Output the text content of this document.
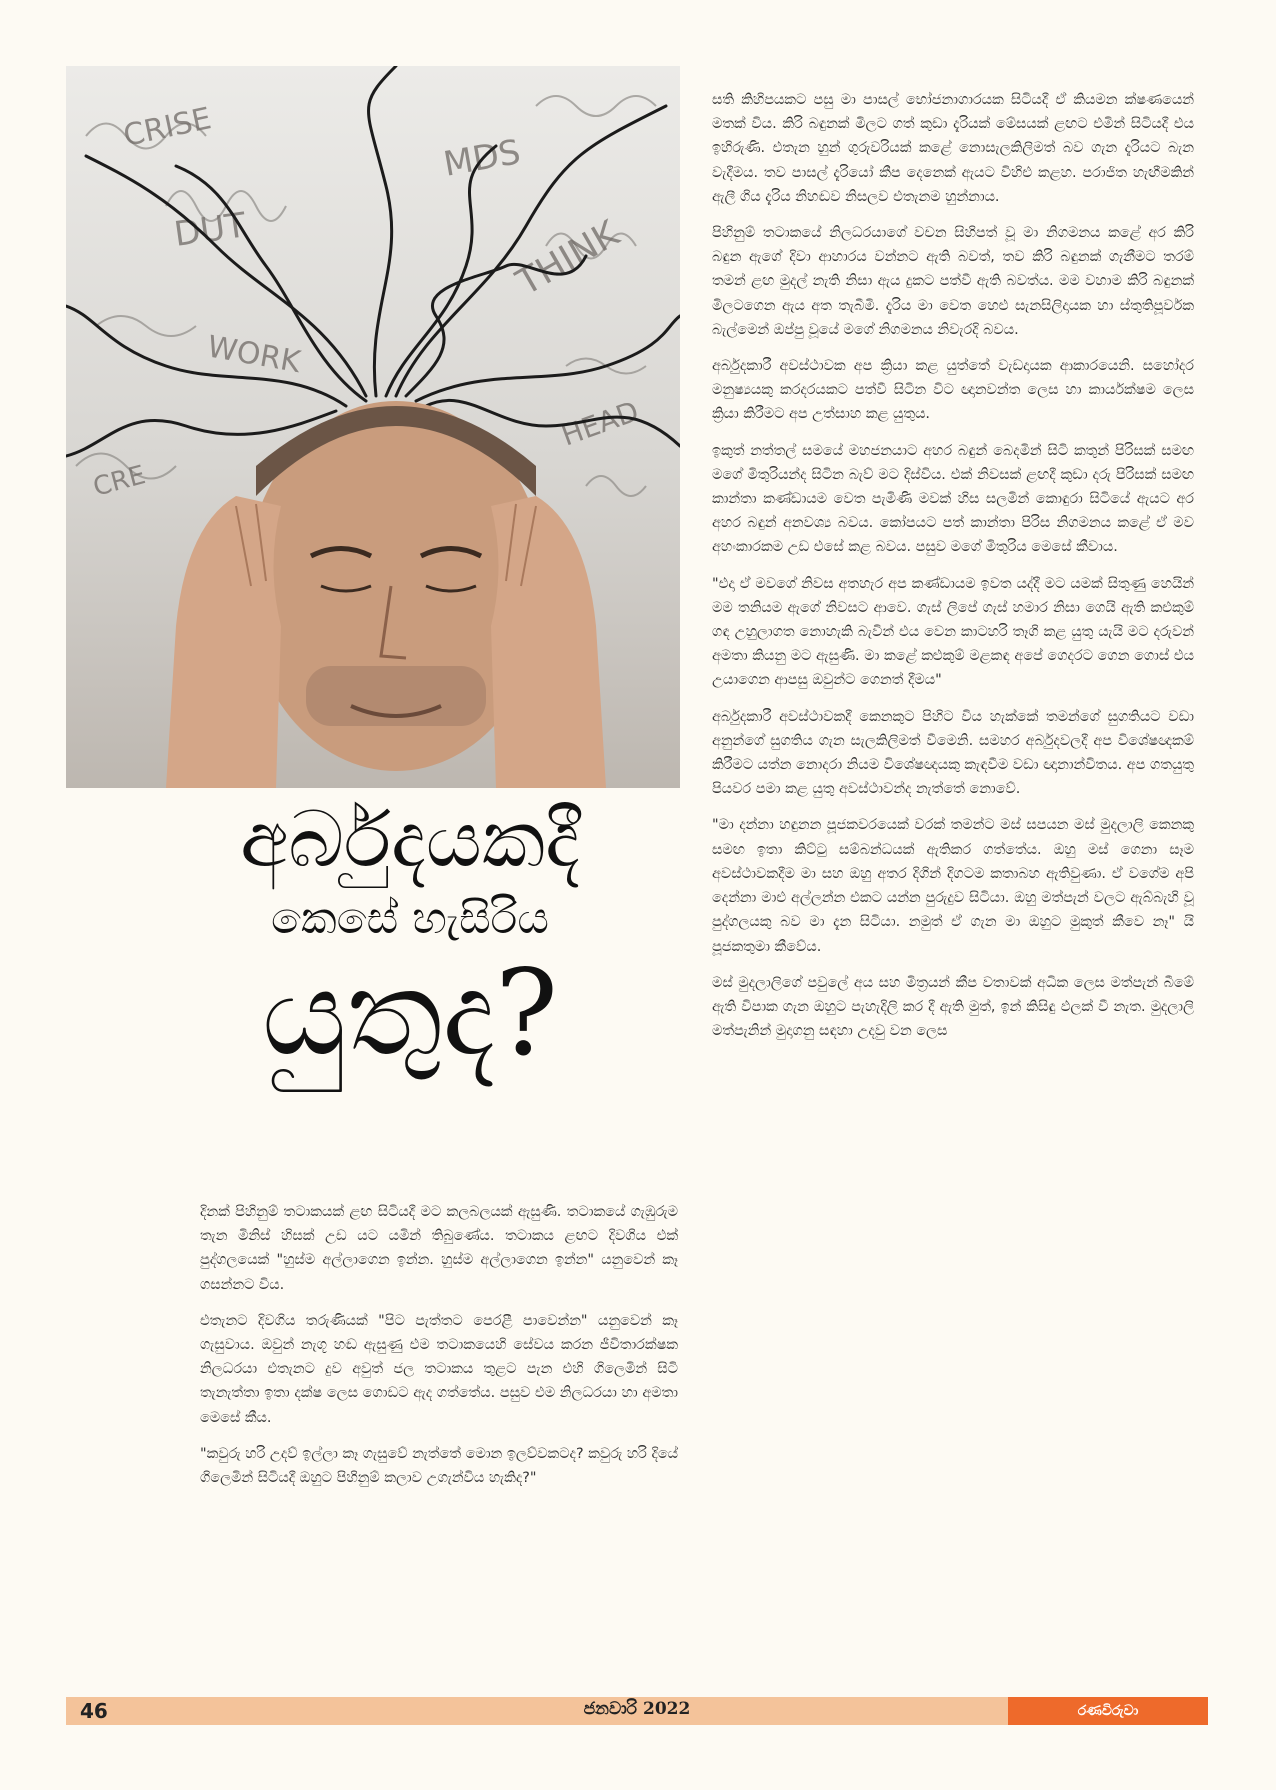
CRISE
DUT
WORK
THINK
MDS
HEAD
CRE
අර්බුදයකදී
කෙසේ හැසිරිය
යුතුද?

දිනක් පිහිනුම් තටාකයක් ළඟ සිටියදී මට කලබලයක් ඇසුණි. තටාකයේ ගැඹුරුම තැන මිනිස් හිසක් උඩ යට යමින් තිබුණේය. තටාකය ළඟට දිවගිය එක් පුද්ගලයෙක් "හුස්ම අල්ලාගෙන ඉන්න. හුස්ම අල්ලාගෙන ඉන්න" යනුවෙන් කෑ ගසන්නට විය.

එතැනට දිවගිය තරුණියක් "පිට පැත්තට පෙරළී පාවෙන්න" යනුවෙන් කෑ ගැසුවාය. ඔවුන් නැගූ හඬ ඇසුණු එම තටාකයෙහි සේවය කරන ජීවිතාරක්ෂක නිලධරයා එතැනට දුව අවුත් ජල තටාකය තුළට පැන එහි ගිලෙමින් සිටි තැනැත්තා ඉතා දක්ෂ ලෙස ගොඩට ඇද ගත්තේය. පසුව එම නිලධරයා හා අමතා මෙසේ කීය.

"කවුරු හරි උදව් ඉල්ලා කෑ ගැසුවේ නැත්තේ මොන ඉලව්වකටද? කවුරු හරි දියේ ගිලෙමින් සිටියදී ඔහුට පිහිනුම් කලාව උගැන්විය හැකිද?"

සති කිහිපයකට පසු මා පාසල් භෝජනාගාරයක සිටියදී ඒ කියමන ක්ෂණයෙන් මතක් විය. කිරි බඳුනක් මිලට ගත් කුඩා දැරියක් මේසයක් ළඟට එමින් සිටියදී එය ඉහිරුණි. එතැන හුන් ගුරුවරියක් කළේ නොසැලකිලිමත් බව ගැන දැරියට බැන වැදීමය. තව පාසල් දැරියෝ කීප දෙනෙක් ඇයට විහිළු කළහ. පරාජිත හැඟීමකින් ඇලී ගිය දැරිය නිහඬව නිසලව එතැනම හුන්නාය.

පිහිනුම් තටාකයේ නිලධරයාගේ වචන සිහිපත් වූ මා නිගමනය කළේ අර කිරි බඳුන ඇගේ දිවා ආහාරය වන්නට ඇති බවත්, තව කිරි බඳුනක් ගැනීමට තරම් තමන් ළඟ මුදල් නැති නිසා ඇය දුකට පත්වී ඇති බවත්ය. මම වහාම කිරි බඳුනක් මිලටගෙන ඇය අත තැබීමි. දැරිය මා වෙත හෙළු සැනසිලිදායක හා ස්තුතිපූර්වක බැල්මෙන් ඔප්පු වූයේ මගේ නිගමනය නිවැරදි බවය.

අර්බුදකාරී අවස්ථාවක අප ක්‍රියා කළ යුත්තේ වැඩදායක ආකාරයෙනි. සහෝදර මනුෂ්‍යයකු කරදරයකට පත්වී සිටින විට ඥානවන්ත ලෙස හා කාර්යක්ෂම ලෙස ක්‍රියා කිරීමට අප උත්සාහ කළ යුතුය.

ඉකුත් නත්තල් සමයේ මහජනයාට අහර බඳුන් බෙදමින් සිටි කතුන් පිරිසක් සමඟ මගේ මිතුරියන්ද සිටින බැව් මට දිස්විය. එක් නිවසක් ළඟදී කුඩා දරු පිරිසක් සමඟ කාන්තා කණ්ඩායම වෙත පැමිණි මවක් හිස සලමින් කොඳුරා සිටියේ ඇයට අර අහර බඳුන් අනවශ්‍ය බවය. කෝපයට පත් කාන්තා පිරිස නිගමනය කළේ ඒ මව අහංකාරකම උඩ එසේ කළ බවය. පසුව මගේ මිතුරිය මෙසේ කීවාය.

"එදා ඒ මවගේ නිවස අතහැර අප කණ්ඩායම ඉවත යද්දී මට යමක් සිතුණු හෙයින් මම තනියම ඇගේ නිවසට ආවෙ. ගැස් ලිපේ ගැස් හමාර නිසා ගෙයි ඇති කළුකුම් ගඳ උහුලාගත නොහැකි බැවින් එය වෙන කාටහරි තෑගි කළ යුතු යැයි මට දරුවන් අමතා කියනු මට ඇසුණි. මා කළේ කළුකුම් මළකඳ අපේ ගෙදරට ගෙන ගොස් එය උයාගෙන ආපසු ඔවුන්ට ගෙනත් දීමය"

අර්බුදකාරී අවස්ථාවකදී කෙනකුට පිහිට විය හැක්කේ තමන්ගේ සුගතියට වඩා අනුන්ගේ සුගතිය ගැන සැලකිලිමත් වීමෙනි. සමහර අර්බුදවලදී අප විශේෂඥකම් කිරීමට යත්න නොදරා නියම විශේෂඥයකු කැඳවීම වඩා ඥානාන්විතය. අප ගතයුතු පියවර පමා කළ යුතු අවස්ථාවන්ද නැත්තේ නොවේ.

"මා දන්නා හඳුනන පූජකවරයෙක් වරක් තමන්ට මස් සපයන මස් මුදලාලි කෙනකු සමඟ ඉතා කිට්ටු සම්බන්ධයක් ඇතිකර ගත්තේය. ඔහු මස් ගෙනා සෑම අවස්ථාවකදීම මා සහ ඔහු අතර දිගින් දිගටම කතාබහ ඇතිවුණා. ඒ වගේම අපි දෙන්නා මාළු අල්ලන්න එකට යන්න පුරුදුව සිටියා. ඔහු මත්පැන් වලට ඇබ්බැහි වූ පුද්ගලයකු බව මා දැන සිටියා. නමුත් ඒ ගැන මා ඔහුට මුකුත් කීවෙ නෑ" යි පූජකතුමා කීවේය.

මස් මුදලාලිගේ පවුලේ අය සහ මිත්‍රයන් කීප වතාවක් අධික ලෙස මත්පැන් බීමේ ඇති විපාක ගැන ඔහුට පැහැදිලි කර දී ඇති මුත්, ඉන් කිසිඳු ඵලක් වී නැත. මුදලාලි මත්පැනින් මුදාගනු සඳහා උදවු වන ලෙස

46	ජනවාරි 2022	රණවිරුවා
